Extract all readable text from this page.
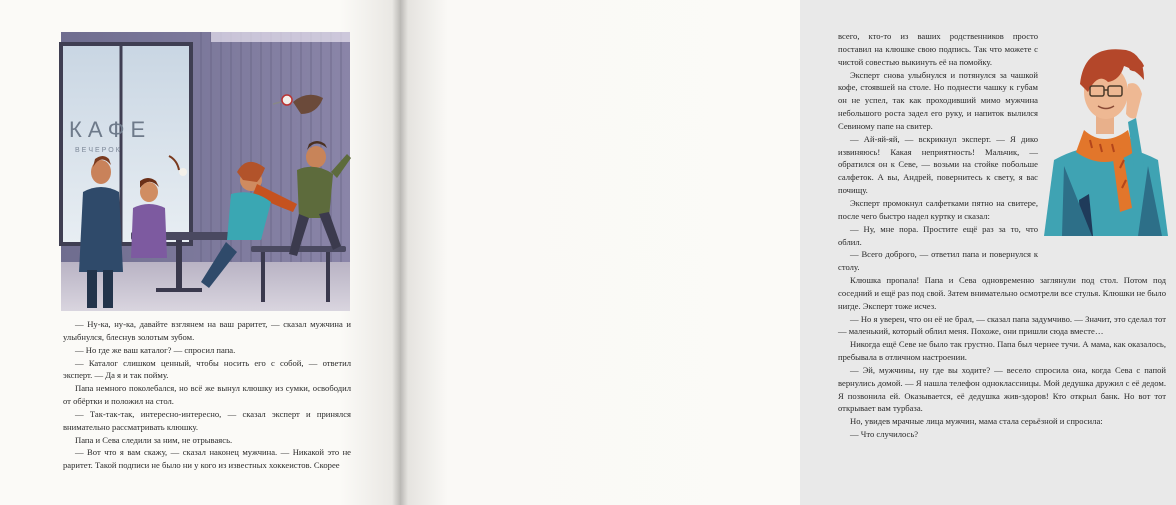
КАФЕ
ВЕЧЕРОК

— Ну-ка, ну-ка, давайте взглянем на ваш раритет, — сказал мужчина и улыбнулся, блеснув золотым зубом.

— Но где же ваш каталог? — спросил папа.

— Каталог слишком ценный, чтобы носить его с собой, — ответил эксперт. — Да я и так пойму.

Папа немного поколебался, но всё же вынул клюшку из сумки, освободил от обёртки и положил на стол.

— Так-так-так, интересно-интересно, — сказал эксперт и принялся внимательно рассматривать клюшку.

Папа и Сева следили за ним, не отрываясь.

— Вот что я вам скажу, — сказал наконец мужчина. — Никакой это не раритет. Такой подписи не было ни у кого из известных хоккеистов. Скорее

всего, кто-то из ваших родственников просто поставил на клюшке свою подпись. Так что можете с чистой совестью выкинуть её на помойку.

Эксперт снова улыбнулся и потянулся за чашкой кофе, стоявшей на столе. Но поднести чашку к губам он не успел, так как проходивший мимо мужчина небольшого роста задел его руку, и напиток вылился Севиному папе на свитер.

— Ай-яй-яй, — вскрикнул эксперт. — Я дико извиняюсь! Какая неприятность! Мальчик, — обратился он к Севе, — возьми на стойке побольше салфеток. А вы, Андрей, повернитесь к свету, я вас почищу.

Эксперт промокнул салфетками пятно на свитере, после чего быстро надел куртку и сказал:

— Ну, мне пора. Простите ещё раз за то, что облил.

— Всего доброго, — ответил папа и повернулся к столу.

Клюшка пропала! Папа и Сева одновременно заглянули под стол. Потом под соседний и ещё раз под свой. Затем внимательно осмотрели все стулья. Клюшки не было нигде. Эксперт тоже исчез.

— Но я уверен, что он её не брал, — сказал папа задумчиво. — Значит, это сделал тот — маленький, который облил меня. Похоже, они пришли сюда вместе…

Никогда ещё Севе не было так грустно. Папа был чернее тучи. А мама, как оказалось, пребывала в отличном настроении.

— Эй, мужчины, ну где вы ходите? — весело спросила она, когда Сева с папой вернулись домой. — Я нашла телефон одноклассницы. Мой дедушка дружил с её дедом. Я позвонила ей. Оказывается, её дедушка жив-здоров! Кто открыл банк. Но вот тот открывает вам турбаза.

Но, увидев мрачные лица мужчин, мама стала серьёзной и спросила:

— Что случилось?
